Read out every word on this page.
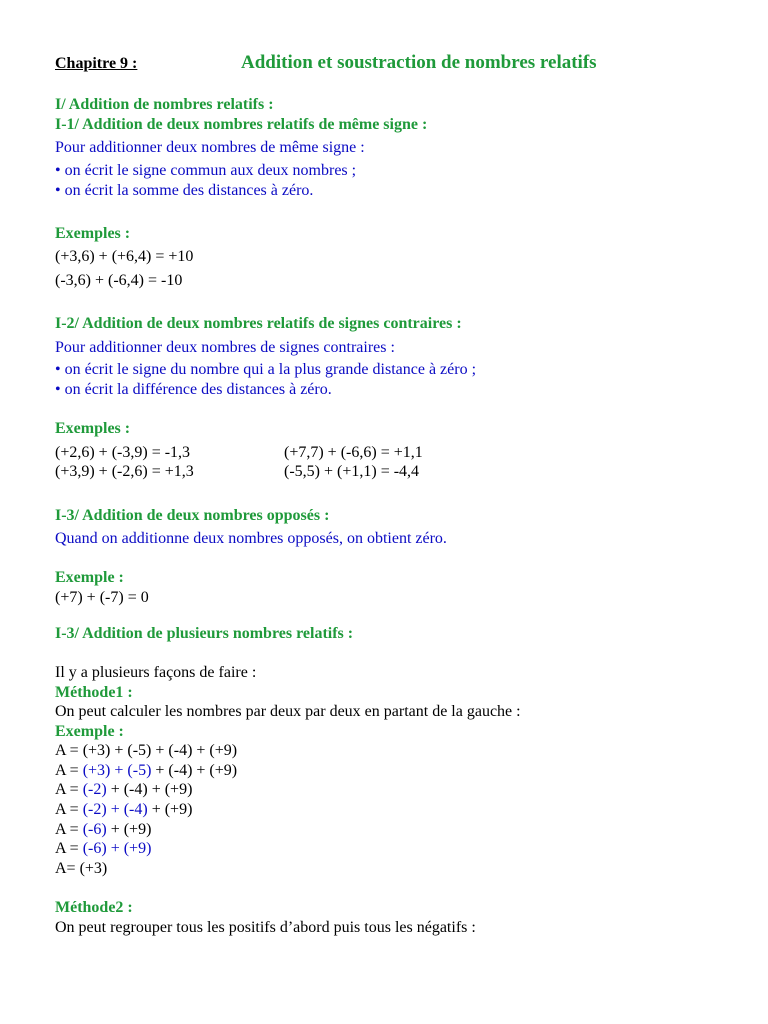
Chapitre 9 :	Addition et soustraction de nombres relatifs
I/ Addition de nombres relatifs :
I-1/ Addition de deux nombres relatifs de même signe :
Pour additionner deux nombres de même signe :
• on écrit le signe commun aux deux nombres ;
• on écrit la somme des distances à zéro.
Exemples :
(+3,6) + (+6,4) = +10
(-3,6) + (-6,4) = -10
I-2/ Addition de deux nombres relatifs de signes contraires :
Pour additionner deux nombres de signes contraires :
• on écrit le signe du nombre qui a la plus grande distance à zéro ;
• on écrit la différence des distances à zéro.
Exemples :
(+2,6) + (-3,9) = -1,3
(+3,9) + (-2,6) = +1,3
(+7,7) + (-6,6) = +1,1
(-5,5) + (+1,1) = -4,4
I-3/ Addition de deux nombres opposés :
Quand on additionne deux nombres opposés, on obtient zéro.
Exemple :
(+7) + (-7) = 0
I-3/ Addition de plusieurs nombres relatifs :
Il y a plusieurs façons de faire :
Méthode1 :
On peut calculer les nombres par deux par deux en partant de la gauche :
Exemple :
A = (+3) + (-5) + (-4) + (+9)
A = (+3) + (-5) + (-4) + (+9)
A = (-2) + (-4) + (+9)
A = (-2) + (-4) + (+9)
A = (-6) + (+9)
A = (-6) + (+9)
A= (+3)
Méthode2 :
On peut regrouper tous les positifs d’abord puis tous les négatifs :
